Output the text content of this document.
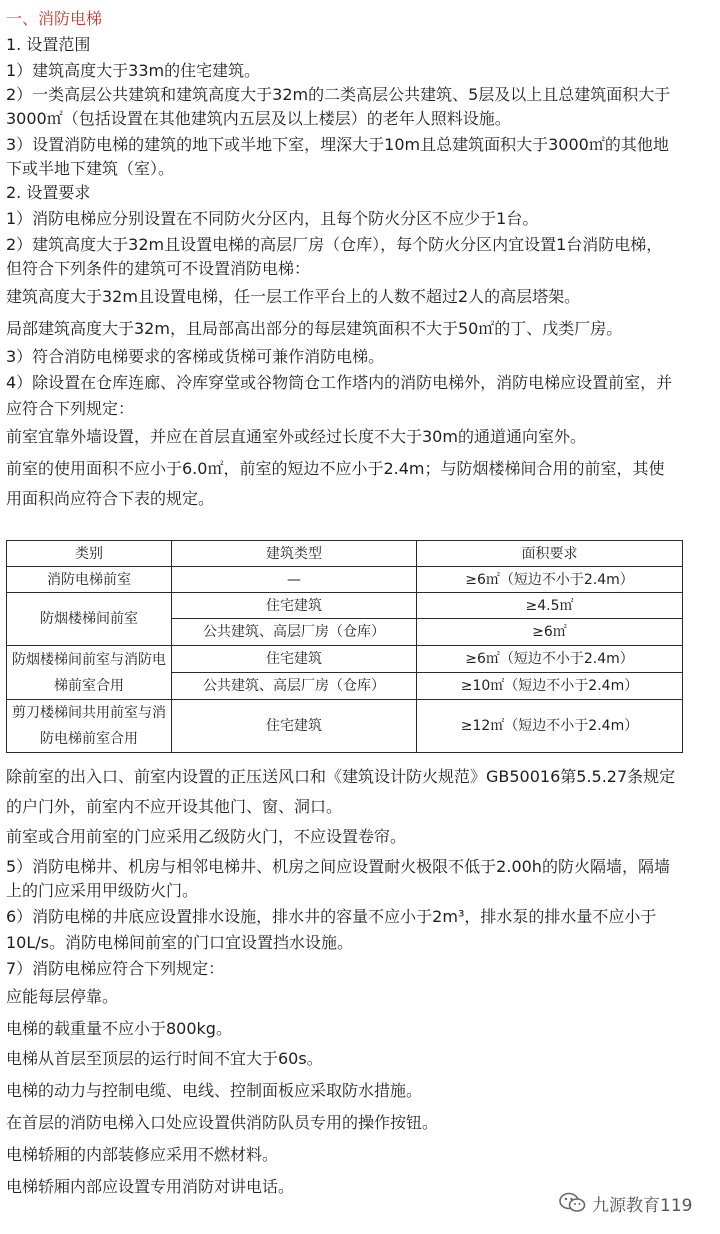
一、消防电梯
1. 设置范围
1）建筑高度大于33m的住宅建筑。
2）一类高层公共建筑和建筑高度大于32m的二类高层公共建筑、5层及以上且总建筑面积大于
3000㎡（包括设置在其他建筑内五层及以上楼层）的老年人照料设施。
3）设置消防电梯的建筑的地下或半地下室，埋深大于10m且总建筑面积大于3000㎡的其他地
下或半地下建筑（室）。
2. 设置要求
1）消防电梯应分别设置在不同防火分区内，且每个防火分区不应少于1台。
2）建筑高度大于32m且设置电梯的高层厂房（仓库），每个防火分区内宜设置1台消防电梯，
但符合下列条件的建筑可不设置消防电梯：
建筑高度大于32m且设置电梯，任一层工作平台上的人数不超过2人的高层塔架。
局部建筑高度大于32m，且局部高出部分的每层建筑面积不大于50㎡的丁、戊类厂房。
3）符合消防电梯要求的客梯或货梯可兼作消防电梯。
4）除设置在仓库连廊、冷库穿堂或谷物筒仓工作塔内的消防电梯外，消防电梯应设置前室，并
应符合下列规定：
前室宜靠外墙设置，并应在首层直通室外或经过长度不大于30m的通道通向室外。
前室的使用面积不应小于6.0㎡，前室的短边不应小于2.4m；与防烟楼梯间合用的前室，其使
用面积尚应符合下表的规定。
类别	建筑类型	面积要求
消防电梯前室	—	≥6㎡（短边不小于2.4m）
防烟楼梯间前室	住宅建筑	≥4.5㎡
	公共建筑、高层厂房（仓库）	≥6㎡
防烟楼梯间前室与消防电梯前室合用	住宅建筑	≥6㎡（短边不小于2.4m）
	公共建筑、高层厂房（仓库）	≥10㎡（短边不小于2.4m）
剪刀楼梯间共用前室与消防电梯前室合用	住宅建筑	≥12㎡（短边不小于2.4m）
除前室的出入口、前室内设置的正压送风口和《建筑设计防火规范》GB50016第5.5.27条规定
的户门外，前室内不应开设其他门、窗、洞口。
前室或合用前室的门应采用乙级防火门，不应设置卷帘。
5）消防电梯井、机房与相邻电梯井、机房之间应设置耐火极限不低于2.00h的防火隔墙，隔墙
上的门应采用甲级防火门。
6）消防电梯的井底应设置排水设施，排水井的容量不应小于2m³，排水泵的排水量不应小于
10L/s。消防电梯间前室的门口宜设置挡水设施。
7）消防电梯应符合下列规定：
应能每层停靠。
电梯的载重量不应小于800kg。
电梯从首层至顶层的运行时间不宜大于60s。
电梯的动力与控制电缆、电线、控制面板应采取防水措施。
在首层的消防电梯入口处应设置供消防队员专用的操作按钮。
电梯轿厢的内部装修应采用不燃材料。
电梯轿厢内部应设置专用消防对讲电话。
九源教育119
